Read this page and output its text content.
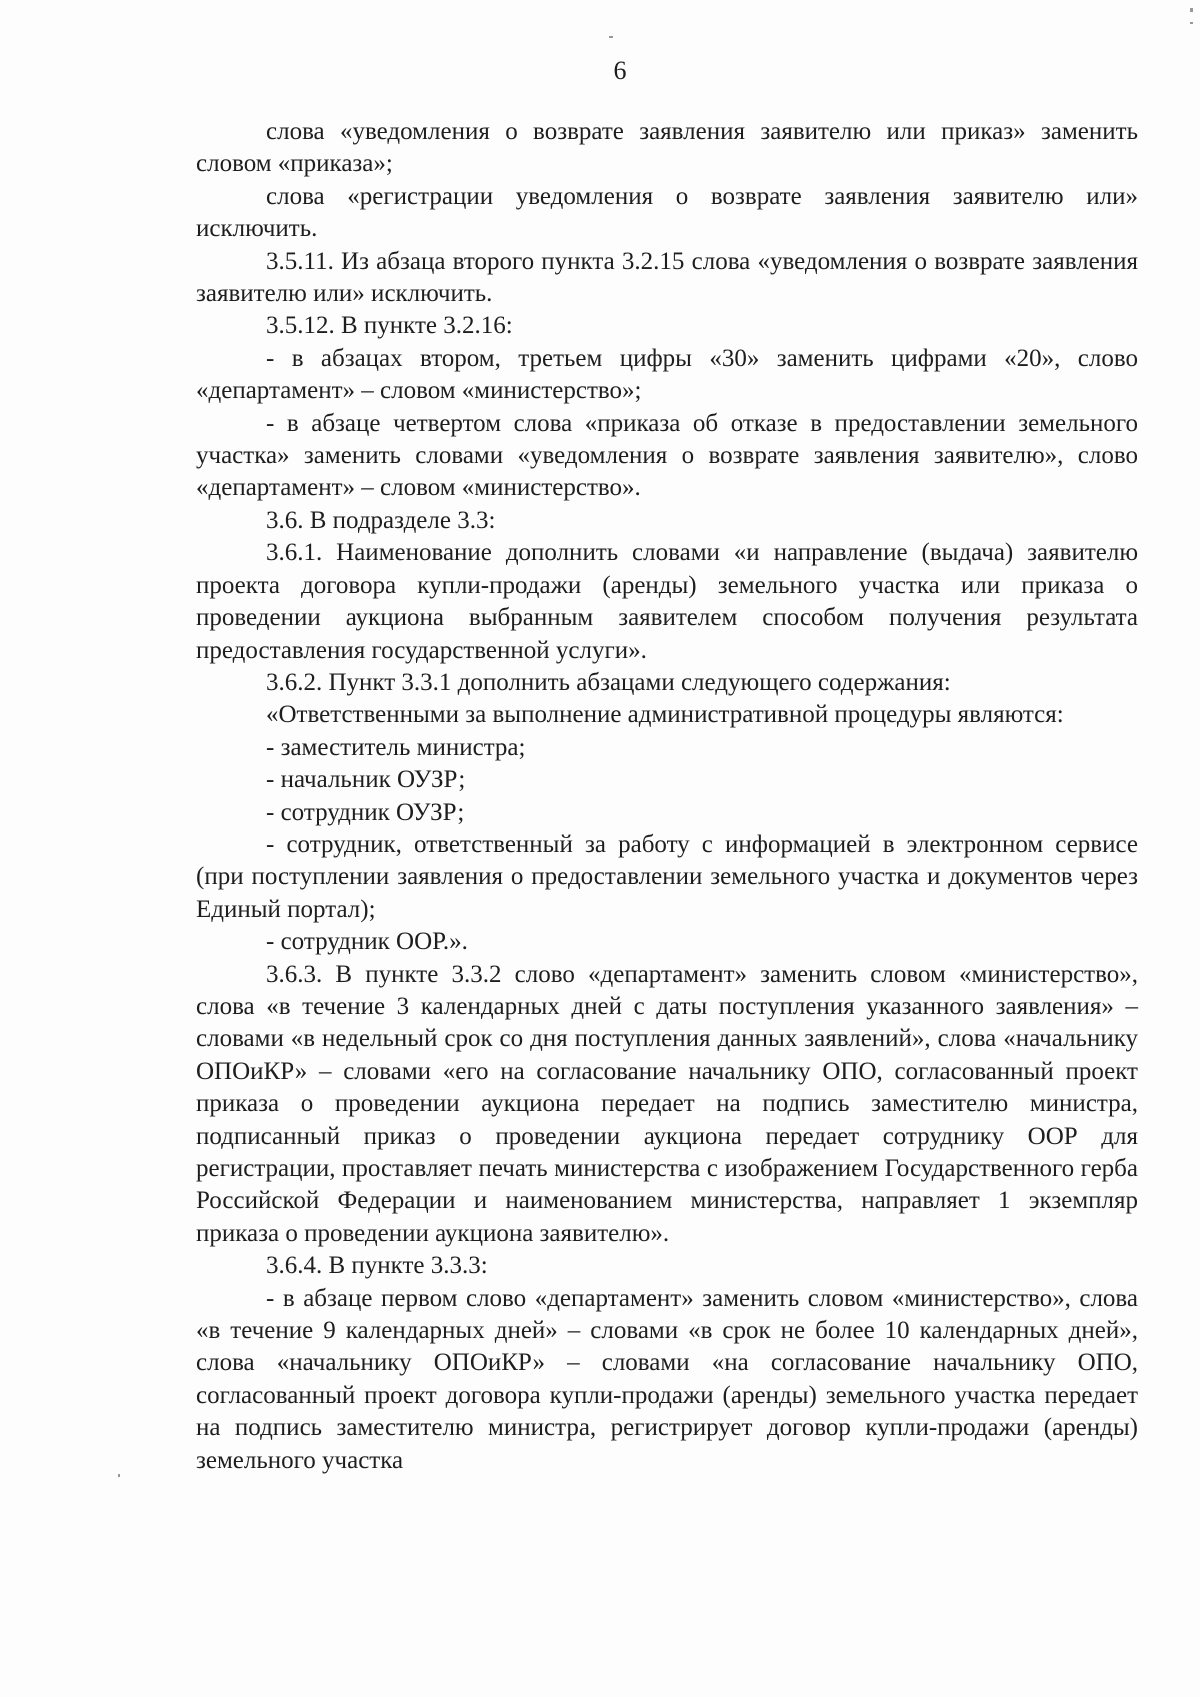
6

слова «уведомления о возврате заявления заявителю или приказ» заменить словом «приказа»;

слова «регистрации уведомления о возврате заявления заявителю или» исключить.

3.5.11. Из абзаца второго пункта 3.2.15 слова «уведомления о возврате заявления заявителю или» исключить.

3.5.12. В пункте 3.2.16:

- в абзацах втором, третьем цифры «30» заменить цифрами «20», слово «департамент» – словом «министерство»;

- в абзаце четвертом слова «приказа об отказе в предоставлении земельного участка» заменить словами «уведомления о возврате заявления заявителю», слово «департамент» – словом «министерство».

3.6. В подразделе 3.3:

3.6.1. Наименование дополнить словами «и направление (выдача) заявителю проекта договора купли-продажи (аренды) земельного участка или приказа о проведении аукциона выбранным заявителем способом получения результата предоставления государственной услуги».

3.6.2. Пункт 3.3.1 дополнить абзацами следующего содержания:

«Ответственными за выполнение административной процедуры являются:

- заместитель министра;

- начальник ОУЗР;

- сотрудник ОУЗР;

- сотрудник, ответственный за работу с информацией в электронном сервисе (при поступлении заявления о предоставлении земельного участка и документов через Единый портал);

- сотрудник ООР.».

3.6.3. В пункте 3.3.2 слово «департамент» заменить словом «министерство», слова «в течение 3 календарных дней с даты поступления указанного заявления» – словами «в недельный срок со дня поступления данных заявлений», слова «начальнику ОПОиКР» – словами «его на согласование начальнику ОПО, согласованный проект приказа о проведении аукциона передает на подпись заместителю министра, подписанный приказ о проведении аукциона передает сотруднику ООР для регистрации, проставляет печать министерства с изображением Государственного герба Российской Федерации и наименованием министерства, направляет 1 экземпляр приказа о проведении аукциона заявителю».

3.6.4. В пункте 3.3.3:

- в абзаце первом слово «департамент» заменить словом «министерство», слова «в течение 9 календарных дней» – словами «в срок не более 10 календарных дней», слова «начальнику ОПОиКР» – словами «на согласование начальнику ОПО, согласованный проект договора купли-продажи (аренды) земельного участка передает на подпись заместителю министра, регистрирует договор купли-продажи (аренды) земельного участка
